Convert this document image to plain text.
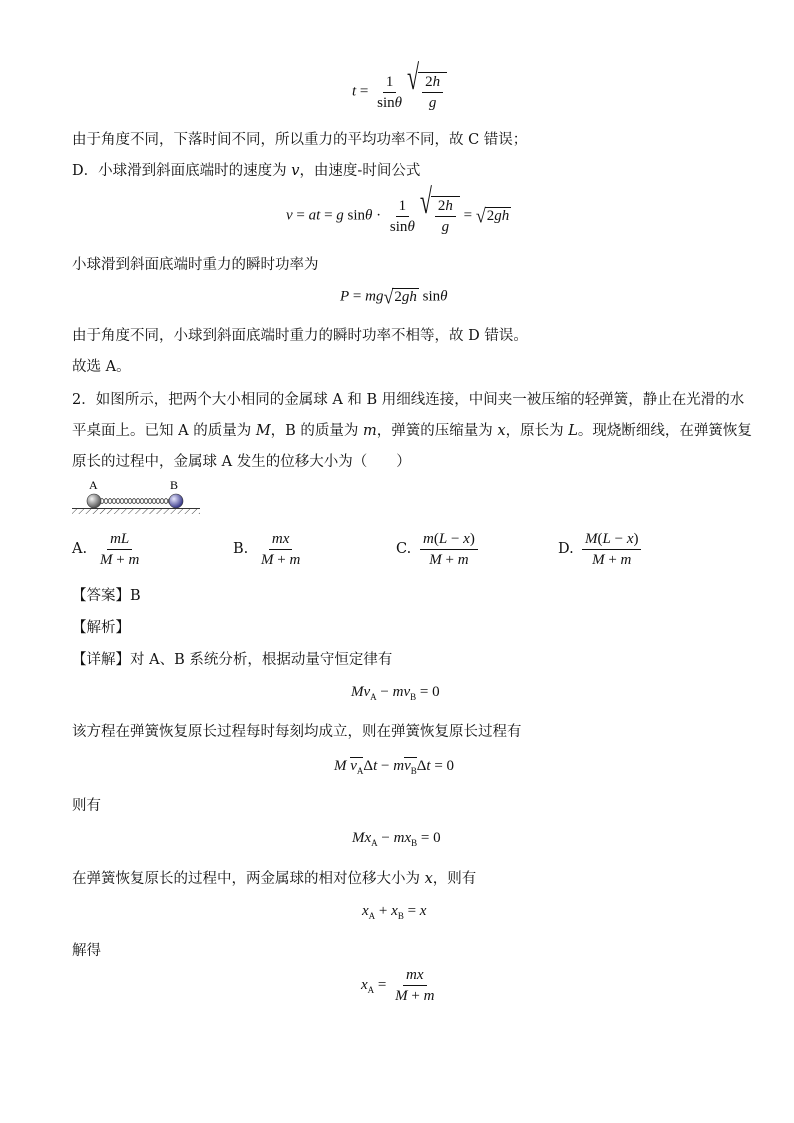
$t = \frac{1}{\sin\theta}$ √ $\frac{2h}{g}$
由于角度不同，下落时间不同，所以重力的平均功率不同，故 C 错误；
D．小球滑到斜面底端时的速度为 v，由速度-时间公式
v = at = g $\sin\theta \cdot \frac{1}{\sin\theta}$ √ $\frac{2h}{g}$ = √ 2 gh
小球滑到斜面底端时重力的瞬时功率为
P = mg √ 2 gh sinθ
由于角度不同，小球到斜面底端时重力的瞬时功率不相等，故 D 错误。
故选 A。
2．如图所示，把两个大小相同的金属球 A 和 B 用细线连接，中间夹一被压缩的轻弹簧，静止在光滑的水
平桌面上。已知 A 的质量为 M，B 的质量为 m，弹簧的压缩量为 x，原长为 L。现烧断细线，在弹簧恢复
原长的过程中，金属球 A 发生的位移大小为（　　）
A	B
A. $\frac{mL}{M + m}$	B. $\frac{mx}{M + m}$	C. $\frac{m(L - x)}{M + m}$	D. $\frac{M(L - x)}{M + m}$
【答案】B
【解析】
【详解】对 A、B 系统分析，根据动量守恒定律有
$Mv_A - mv_B = 0$
该方程在弹簧恢复原长过程每时每刻均成立，则在弹簧恢复原长过程有
M $v_A\Delta t - mv_B\Delta t = 0$
则有
$Mx_A - mx_B = 0$
在弹簧恢复原长的过程中，两金属球的相对位移大小为 x，则有
$x_A + x_B = x$
解得
$x_A = \frac{mx}{M + m}$
